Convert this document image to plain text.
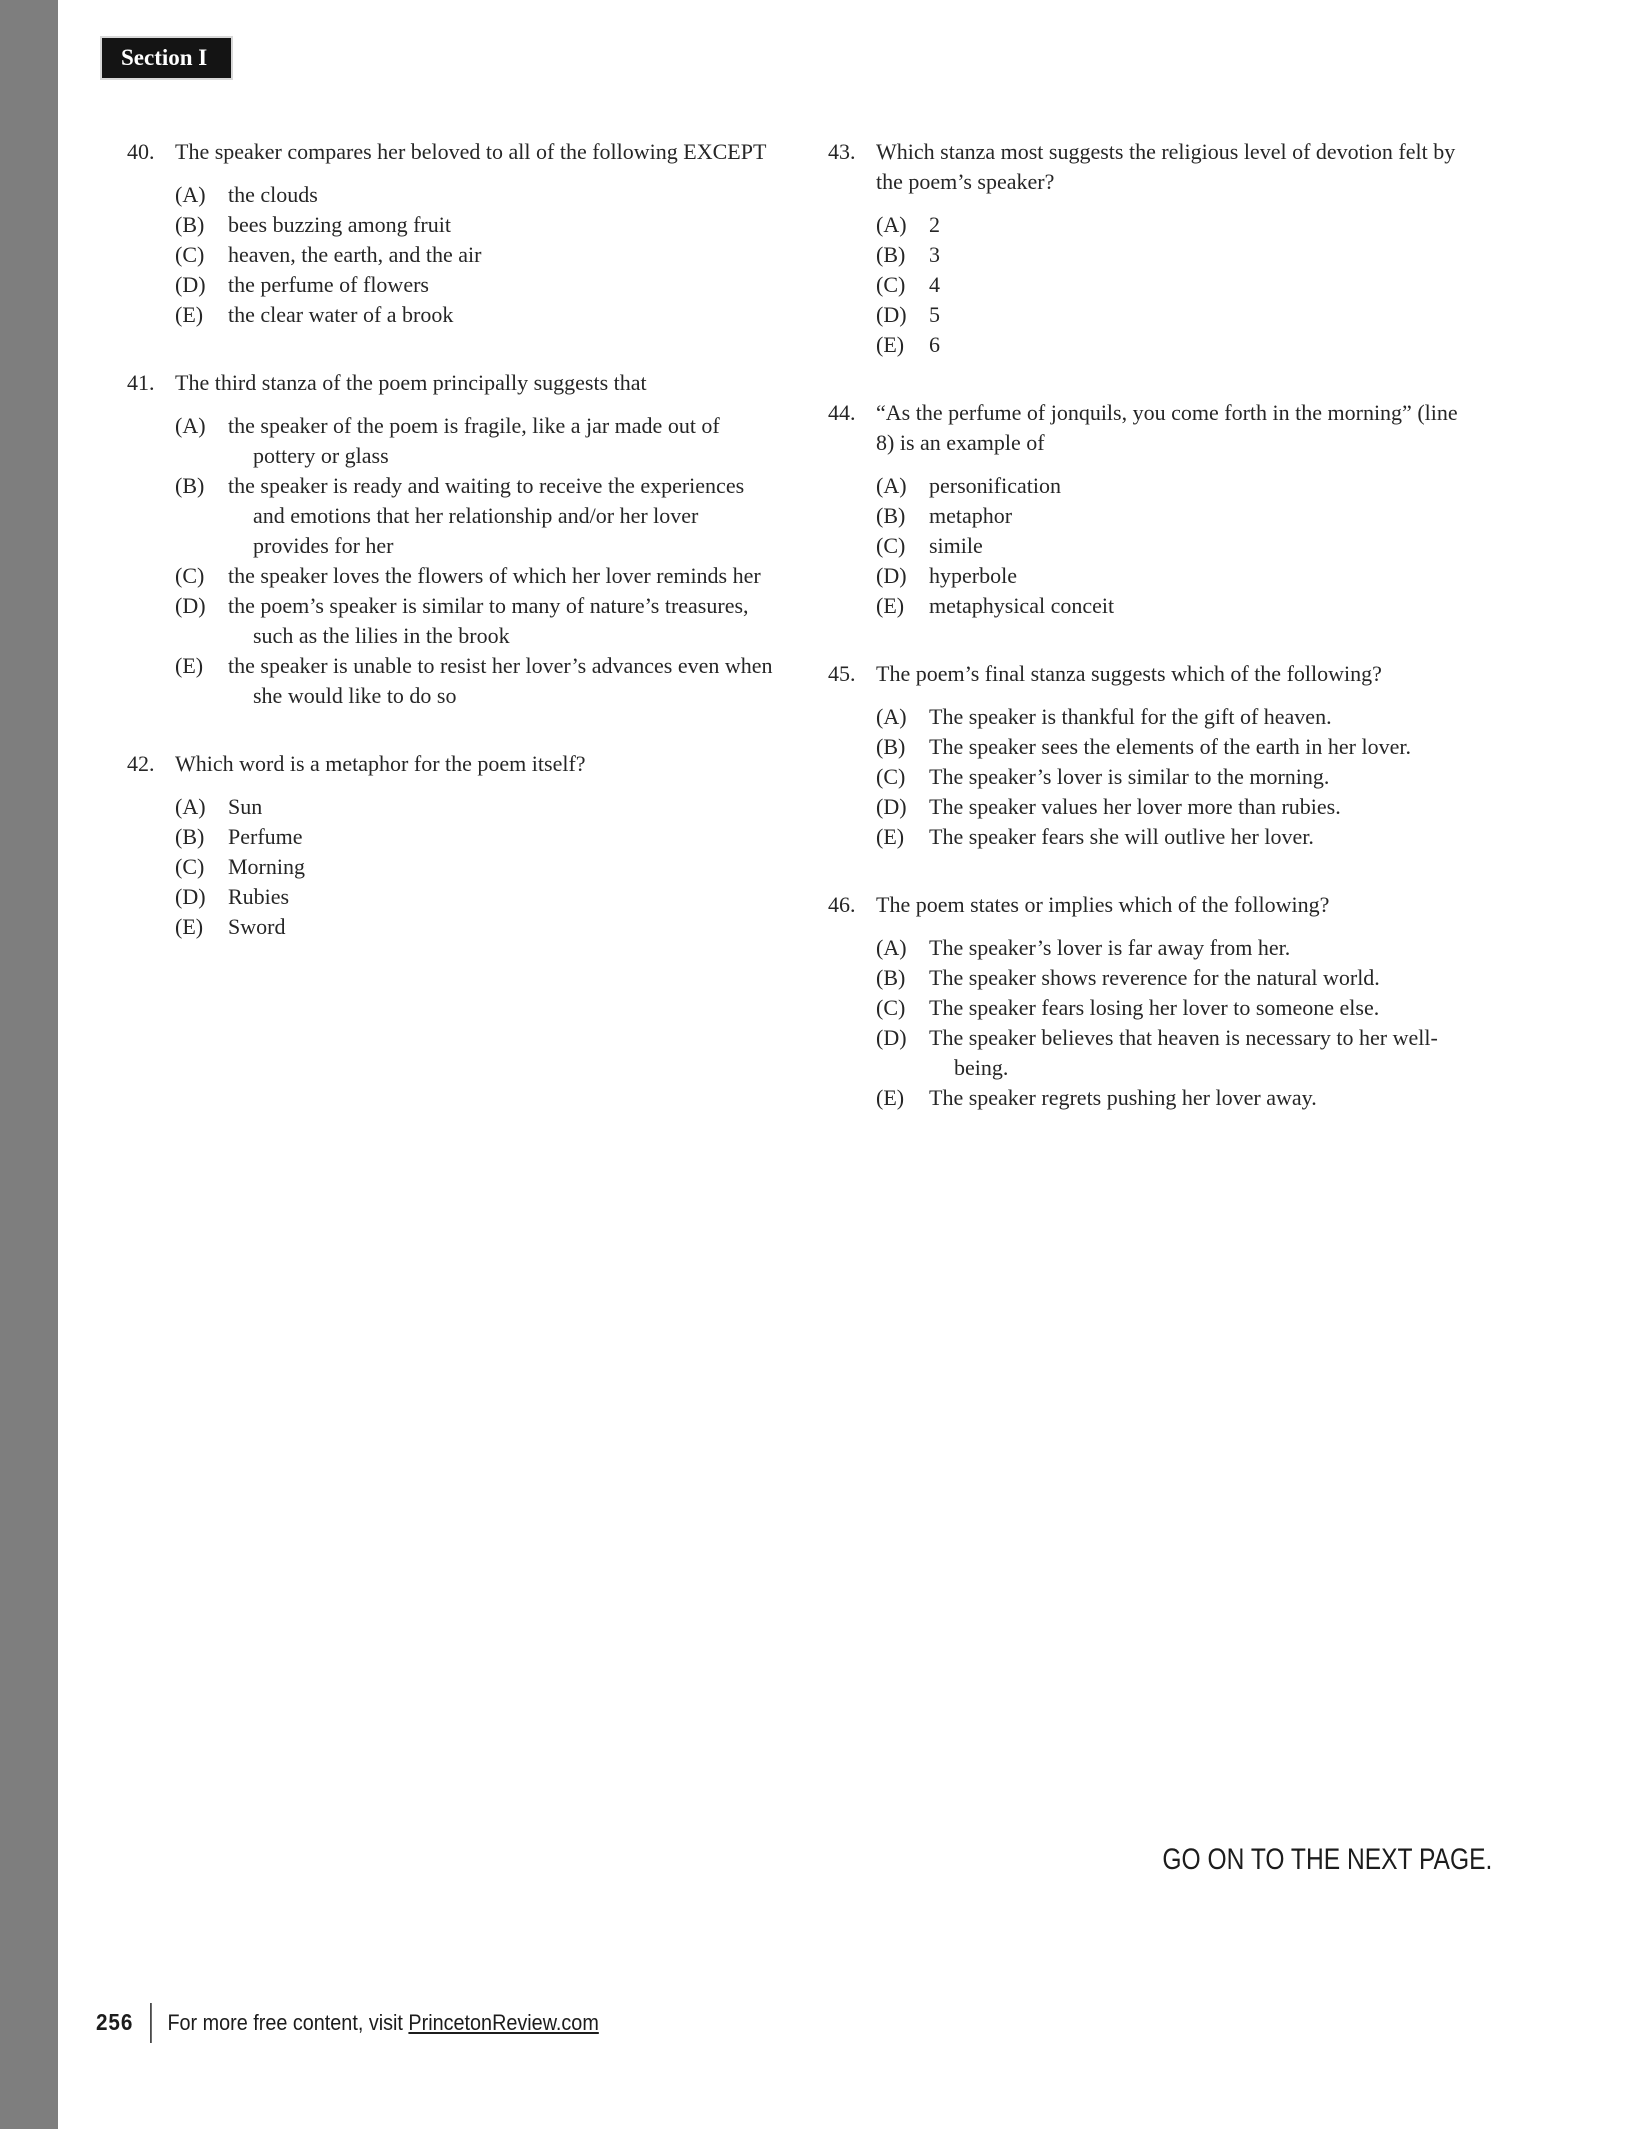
Section I
40. The speaker compares her beloved to all of the following EXCEPT
(A)	the clouds
(B)	bees buzzing among fruit
(C)	heaven, the earth, and the air
(D)	the perfume of flowers
(E)	the clear water of a brook
41. The third stanza of the poem principally suggests that
(A)	the speaker of the poem is fragile, like a jar made out of pottery or glass
(B)	the speaker is ready and waiting to receive the experiences and emotions that her relationship and/or her lover provides for her
(C)	the speaker loves the flowers of which her lover reminds her
(D)	the poem’s speaker is similar to many of nature’s treasures, such as the lilies in the brook
(E)	the speaker is unable to resist her lover’s advances even when she would like to do so
42. Which word is a metaphor for the poem itself?
(A)	Sun
(B)	Perfume
(C)	Morning
(D)	Rubies
(E)	Sword
43. Which stanza most suggests the religious level of devotion felt by the poem’s speaker?
(A)	2
(B)	3
(C)	4
(D)	5
(E)	6
44. “As the perfume of jonquils, you come forth in the morning” (line 8) is an example of
(A)	personification
(B)	metaphor
(C)	simile
(D)	hyperbole
(E)	metaphysical conceit
45. The poem’s final stanza suggests which of the following?
(A)	The speaker is thankful for the gift of heaven.
(B)	The speaker sees the elements of the earth in her lover.
(C)	The speaker’s lover is similar to the morning.
(D)	The speaker values her lover more than rubies.
(E)	The speaker fears she will outlive her lover.
46. The poem states or implies which of the following?
(A)	The speaker’s lover is far away from her.
(B)	The speaker shows reverence for the natural world.
(C)	The speaker fears losing her lover to someone else.
(D)	The speaker believes that heaven is necessary to her well-being.
(E)	The speaker regrets pushing her lover away.
GO ON TO THE NEXT PAGE.
256 For more free content, visit PrincetonReview.com
